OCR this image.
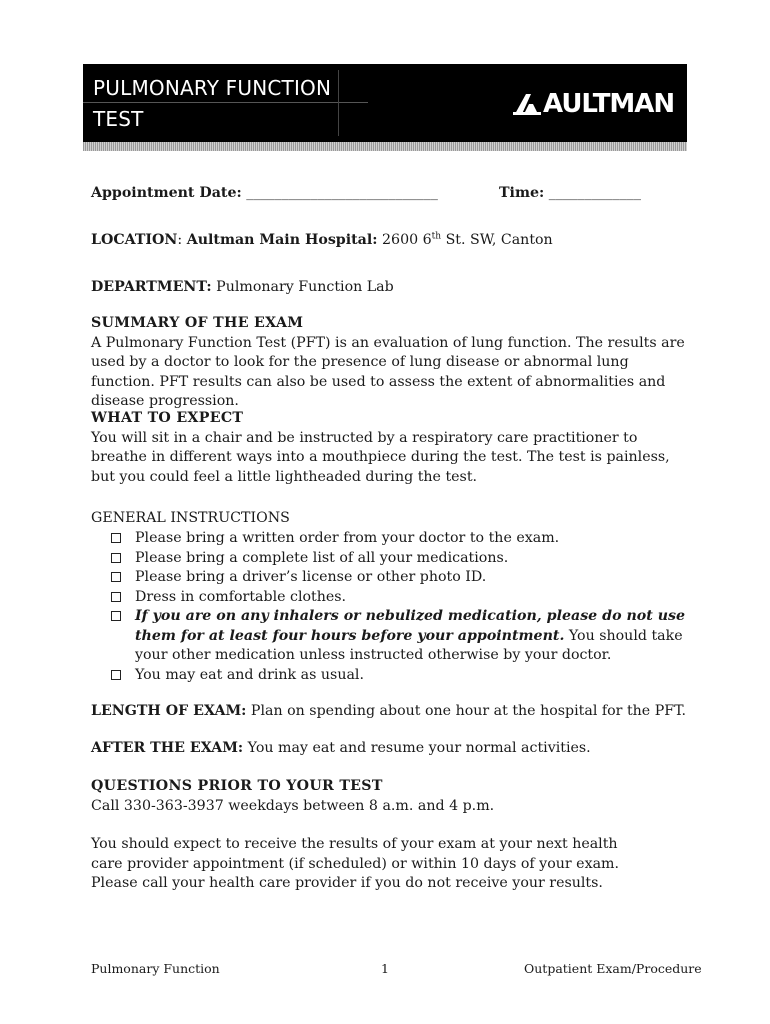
PULMONARY FUNCTION
TEST	AULTMAN
Appointment Date: ___________________________	Time: _____________
LOCATION: Aultman Main Hospital: 2600 6th St. SW, Canton
DEPARTMENT: Pulmonary Function Lab
SUMMARY OF THE EXAM

A Pulmonary Function Test (PFT) is an evaluation of lung function. The results are used by a doctor to look for the presence of lung disease or abnormal lung function. PFT results can also be used to assess the extent of abnormalities and disease progression.

WHAT TO EXPECT

You will sit in a chair and be instructed by a respiratory care practitioner to breathe in different ways into a mouthpiece during the test. The test is painless, but you could feel a little lightheaded during the test.

GENERAL INSTRUCTIONS
Please bring a written order from your doctor to the exam.
Please bring a complete list of all your medications.
Please bring a driver’s license or other photo ID.
Dress in comfortable clothes.
If you are on any inhalers or nebulized medication, please do not use them for at least four hours before your appointment. You should take your other medication unless instructed otherwise by your doctor.
You may eat and drink as usual.
LENGTH OF EXAM: Plan on spending about one hour at the hospital for the PFT.
AFTER THE EXAM: You may eat and resume your normal activities.
QUESTIONS PRIOR TO YOUR TEST

Call 330-363-3937 weekdays between 8 a.m. and 4 p.m.

You should expect to receive the results of your exam at your next health care provider appointment (if scheduled) or within 10 days of your exam. Please call your health care provider if you do not receive your results.
Pulmonary Function	1	Outpatient Exam/Procedure
